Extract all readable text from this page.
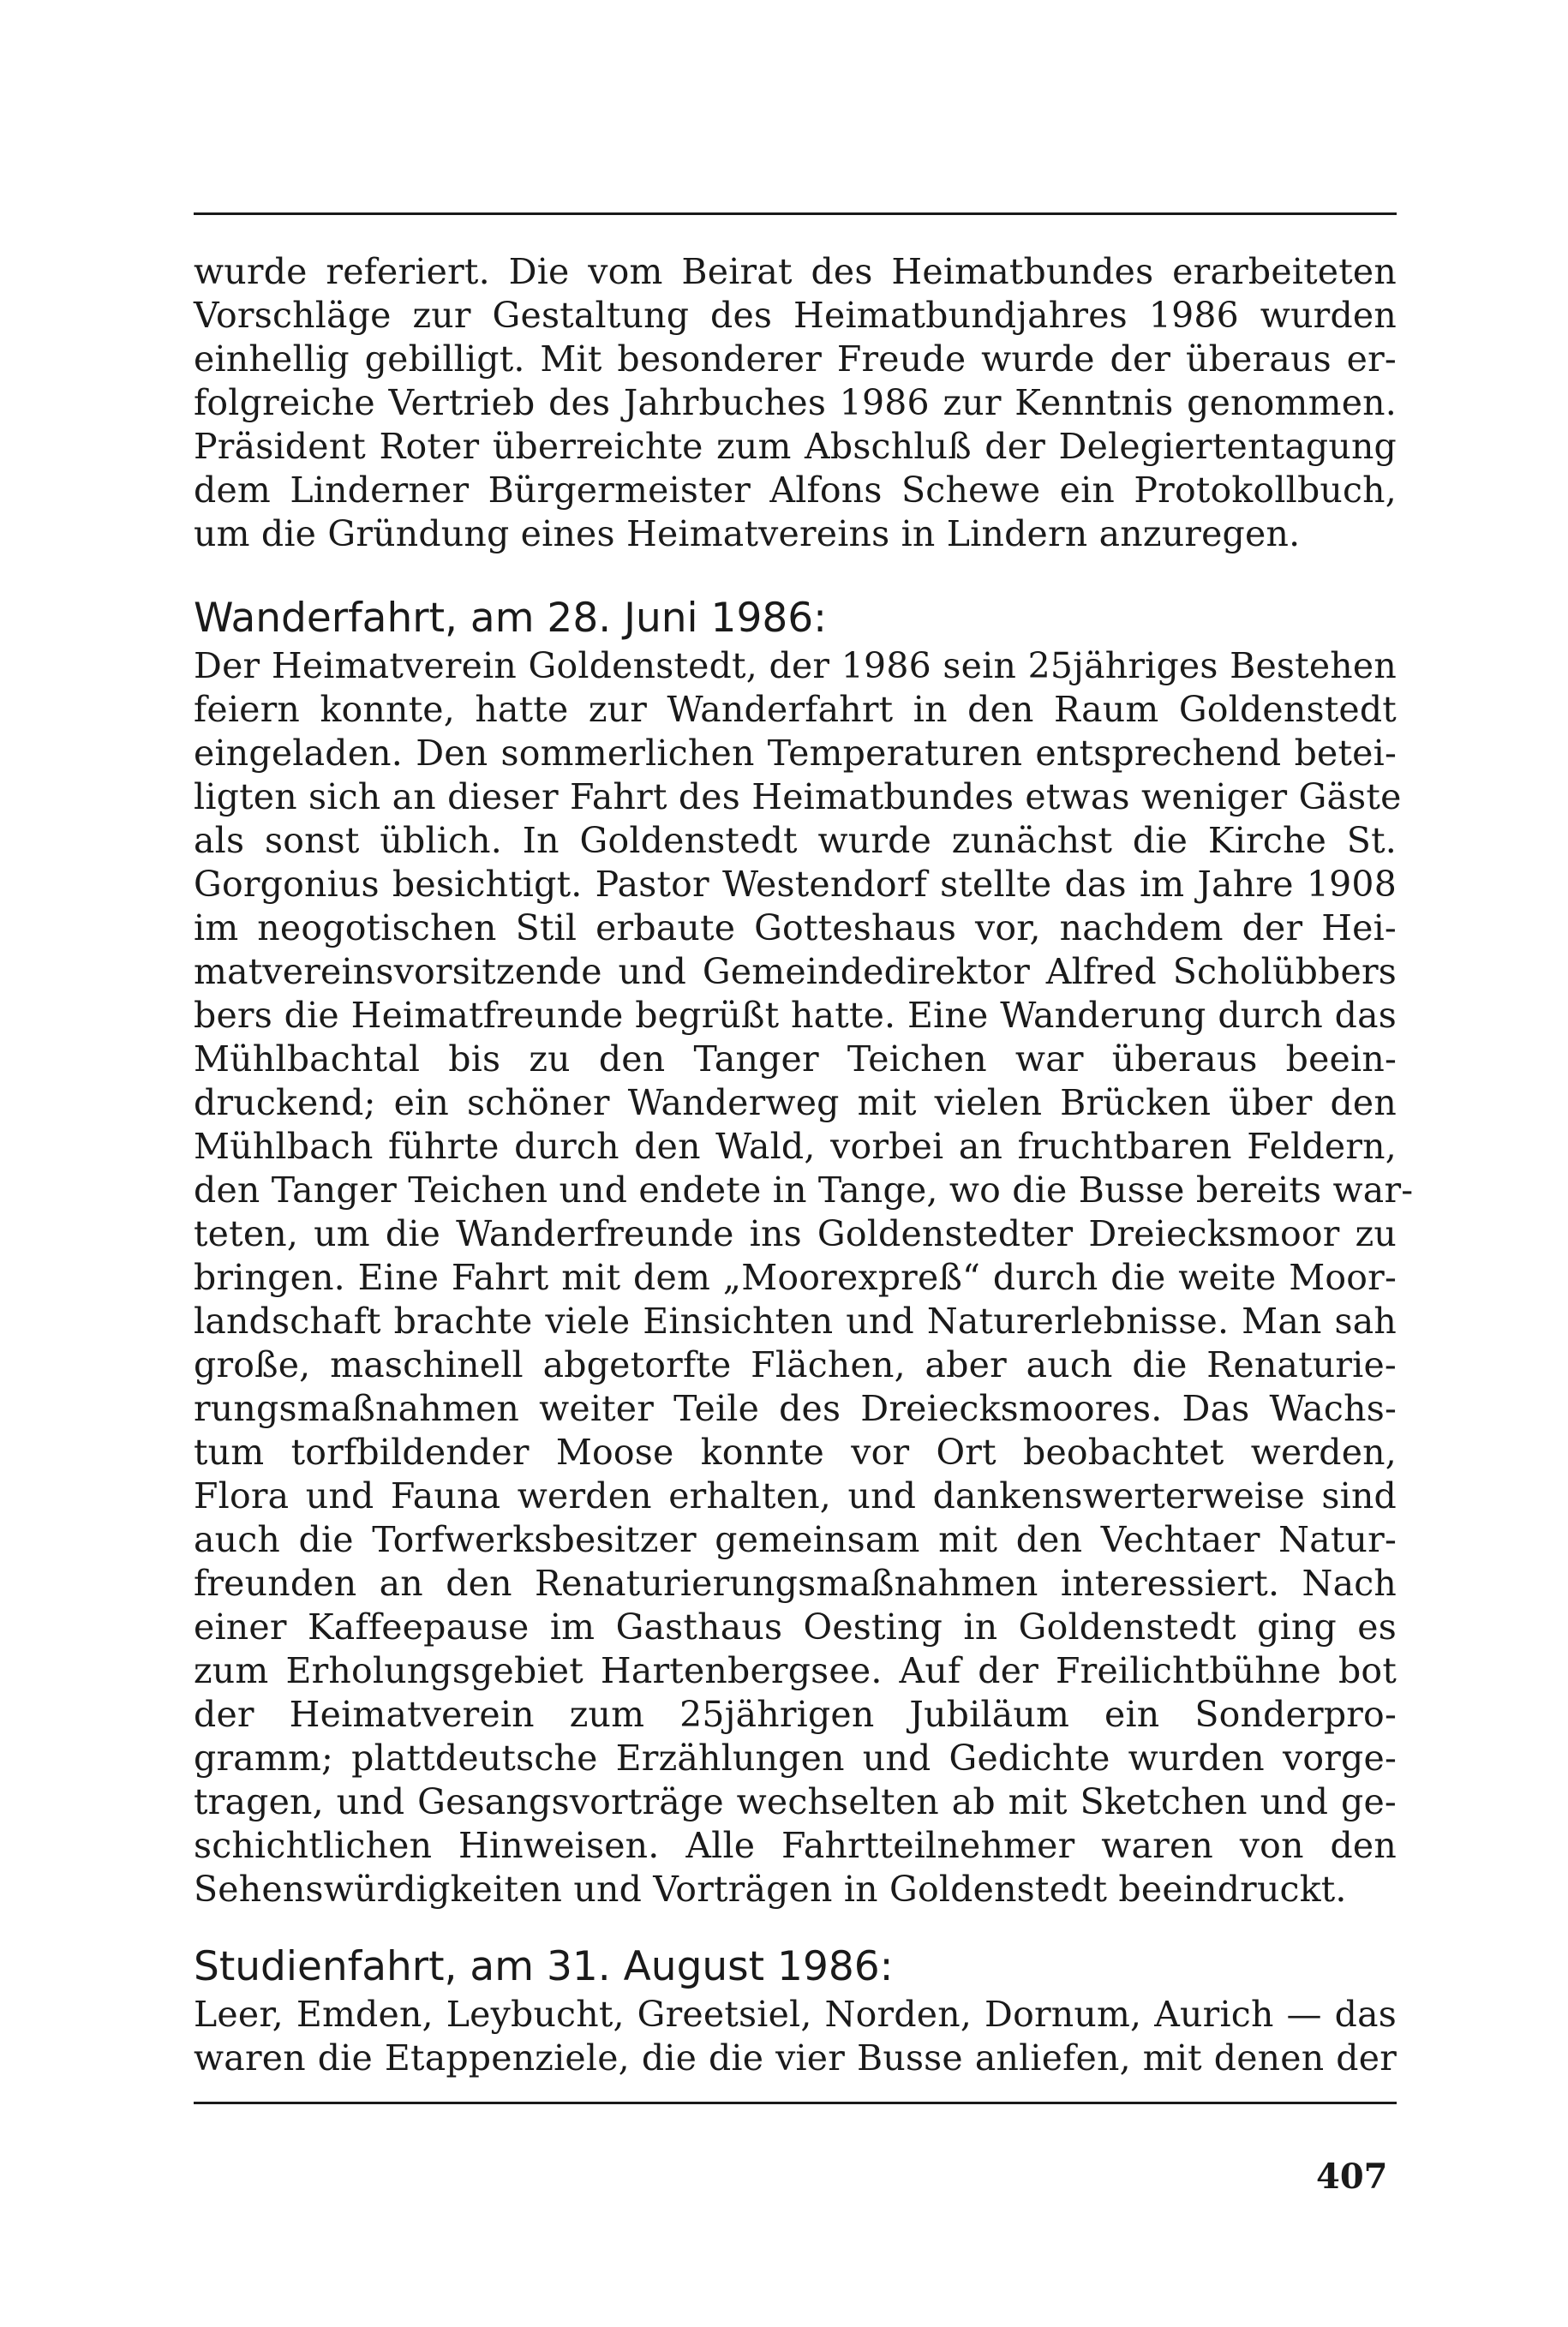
wurde referiert. Die vom Beirat des Heimatbundes erarbeiteten
Vorschläge zur Gestaltung des Heimatbundjahres 1986 wurden
einhellig gebilligt. Mit besonderer Freude wurde der überaus er-
folgreiche Vertrieb des Jahrbuches 1986 zur Kenntnis genommen.
Präsident Roter überreichte zum Abschluß der Delegiertentagung
dem Linderner Bürgermeister Alfons Schewe ein Protokollbuch,
um die Gründung eines Heimatvereins in Lindern anzuregen.
Wanderfahrt, am 28. Juni 1986:
Der Heimatverein Goldenstedt, der 1986 sein 25jähriges Bestehen
feiern konnte, hatte zur Wanderfahrt in den Raum Goldenstedt
eingeladen. Den sommerlichen Temperaturen entsprechend betei-
ligten sich an dieser Fahrt des Heimatbundes etwas weniger Gäste
als sonst üblich. In Goldenstedt wurde zunächst die Kirche St.
Gorgonius besichtigt. Pastor Westendorf stellte das im Jahre 1908
im neogotischen Stil erbaute Gotteshaus vor, nachdem der Hei-
matvereinsvorsitzende und Gemeindedirektor Alfred Scholübbers
bers die Heimatfreunde begrüßt hatte. Eine Wanderung durch das
Mühlbachtal bis zu den Tanger Teichen war überaus beein-
druckend; ein schöner Wanderweg mit vielen Brücken über den
Mühlbach führte durch den Wald, vorbei an fruchtbaren Feldern,
den Tanger Teichen und endete in Tange, wo die Busse bereits war-
teten, um die Wanderfreunde ins Goldenstedter Dreiecksmoor zu
bringen. Eine Fahrt mit dem „Moorexpreß“ durch die weite Moor-
landschaft brachte viele Einsichten und Naturerlebnisse. Man sah
große, maschinell abgetorfte Flächen, aber auch die Renaturie-
rungsmaßnahmen weiter Teile des Dreiecksmoores. Das Wachs-
tum torfbildender Moose konnte vor Ort beobachtet werden,
Flora und Fauna werden erhalten, und dankenswerterweise sind
auch die Torfwerksbesitzer gemeinsam mit den Vechtaer Natur-
freunden an den Renaturierungsmaßnahmen interessiert. Nach
einer Kaffeepause im Gasthaus Oesting in Goldenstedt ging es
zum Erholungsgebiet Hartenbergsee. Auf der Freilichtbühne bot
der Heimatverein zum 25jährigen Jubiläum ein Sonderpro-
gramm; plattdeutsche Erzählungen und Gedichte wurden vorge-
tragen, und Gesangsvorträge wechselten ab mit Sketchen und ge-
schichtlichen Hinweisen. Alle Fahrtteilnehmer waren von den
Sehenswürdigkeiten und Vorträgen in Goldenstedt beeindruckt.
Studienfahrt, am 31. August 1986:
Leer, Emden, Leybucht, Greetsiel, Norden, Dornum, Aurich — das
waren die Etappenziele, die die vier Busse anliefen, mit denen der
407
